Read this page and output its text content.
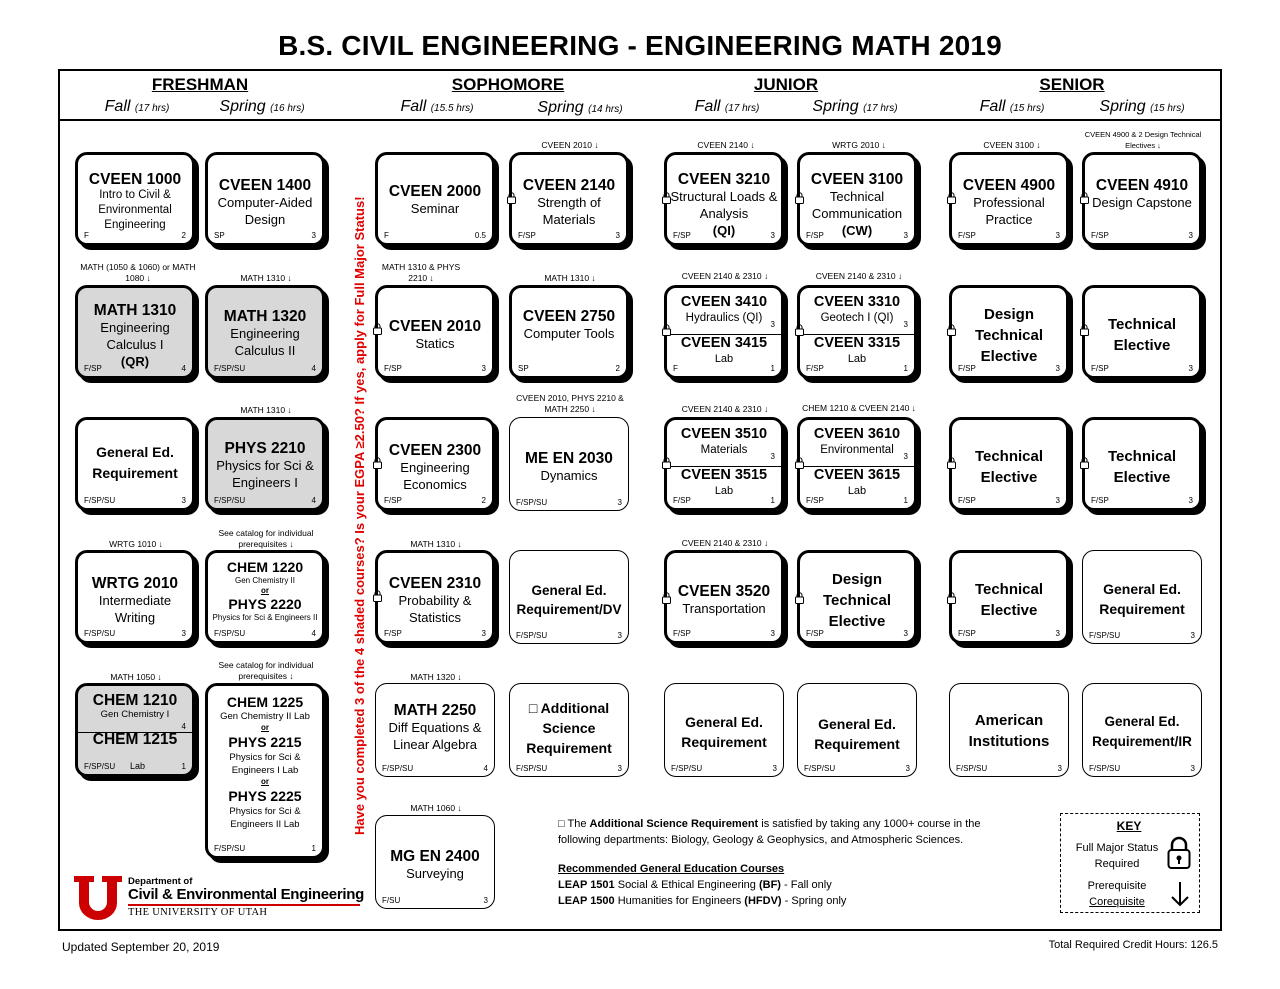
B.S. CIVIL ENGINEERING - ENGINEERING MATH 2019
FRESHMAN	SOPHOMORE	JUNIOR	SENIOR
Fall (17 hrs)	Spring (16 hrs)	Fall (15.5 hrs)	Spring (14 hrs)	Fall (17 hrs)	Spring (17 hrs)	Fall (15 hrs)	Spring (15 hrs)
Have you completed 3 of the 4 shaded courses? Is your EGPA ≥2.50? If yes, apply for Full Major Status!
MATH (1050 & 1060) or MATH 1080 ↓	MATH 1310 ↓
MATH 1310 ↓
WRTG 1010 ↓
See catalog for individual prerequisites ↓
MATH 1050 ↓
See catalog for individual prerequisites ↓
CVEEN 2010 ↓
MATH 1310 & PHYS 2210 ↓	MATH 1310 ↓
CVEEN 2010, PHYS 2210 & MATH 2250 ↓
MATH 1310 ↓
MATH 1320 ↓
MATH 1060 ↓
CVEEN 2140 ↓	WRTG 2010 ↓
CVEEN 2140 & 2310 ↓	CVEEN 2140 & 2310 ↓
CVEEN 2140 & 2310 ↓	CHEM 1210 & CVEEN 2140 ↓
CVEEN 2140 & 2310 ↓
CVEEN 3100 ↓
CVEEN 4900 & 2 Design Technical Electives ↓
CVEEN 1000
Intro to Civil & Environmental Engineering
F	2
CVEEN 1400
Computer-Aided Design
SP	3
MATH 1310
Engineering Calculus I
(QR)
F/SP	4
MATH 1320
Engineering Calculus II
F/SP/SU	4
General Ed. Requirement
F/SP/SU	3
PHYS 2210
Physics for Sci & Engineers I
F/SP/SU	4
WRTG 2010
Intermediate Writing
F/SP/SU	3
CHEM 1220
Gen Chemistry II
or
PHYS 2220
Physics for Sci & Engineers II
F/SP/SU	4
CHEM 1210
Gen Chemistry I
4
CHEM 1215
Lab
F/SP/SU	1
CHEM 1225
Gen Chemistry II Lab
or
PHYS 2215
Physics for Sci & Engineers I Lab
or
PHYS 2225
Physics for Sci & Engineers II Lab
F/SP/SU	1
CVEEN 2000
Seminar
F	0.5
CVEEN 2140
Strength of Materials
F/SP	3
CVEEN 2010
Statics
F/SP	3
CVEEN 2750
Computer Tools
SP	2
CVEEN 2300
Engineering Economics
F/SP	2
ME EN 2030
Dynamics
F/SP/SU	3
CVEEN 2310
Probability & Statistics
F/SP	3
General Ed. Requirement/DV
F/SP/SU	3
MATH 2250
Diff Equations & Linear Algebra
F/SP/SU	4
□ Additional Science Requirement
F/SP/SU	3
MG EN 2400
Surveying
F/SU	3
CVEEN 3210
Structural Loads & Analysis
(QI)
F/SP	3
CVEEN 3100
Technical Communication
(CW)
F/SP	3
CVEEN 3410
Hydraulics (QI)
3
CVEEN 3415
Lab
F	1
CVEEN 3310
Geotech I (QI)
3
CVEEN 3315
Lab
F/SP	1
CVEEN 3510
Materials
3
CVEEN 3515
Lab
F/SP	1
CVEEN 3610
Environmental
3
CVEEN 3615
Lab
F/SP	1
CVEEN 3520
Transportation
F/SP	3
Design Technical Elective
F/SP	3
General Ed. Requirement
F/SP/SU	3
General Ed. Requirement
F/SP/SU	3
CVEEN 4900
Professional Practice
F/SP	3
CVEEN 4910
Design Capstone
F/SP	3
Design Technical Elective
F/SP	3
Technical Elective
F/SP	3
Technical Elective
F/SP	3
Technical Elective
F/SP	3
Technical Elective
F/SP	3
General Ed. Requirement
F/SP/SU	3
American Institutions
F/SP/SU	3
General Ed. Requirement/IR
F/SP/SU	3
□ The Additional Science Requirement is satisfied by taking any 1000+ course in the
following departments: Biology, Geology & Geophysics, and Atmospheric Sciences.
Recommended General Education Courses
LEAP 1501 Social & Ethical Engineering (BF) - Fall only
LEAP 1500 Humanities for Engineers (HFDV) - Spring only
KEY
Full Major Status Required
Prerequisite
Corequisite
Department of
Civil & Environmental Engineering
THE UNIVERSITY OF UTAH
Updated September 20, 2019	Total Required Credit Hours: 126.5
